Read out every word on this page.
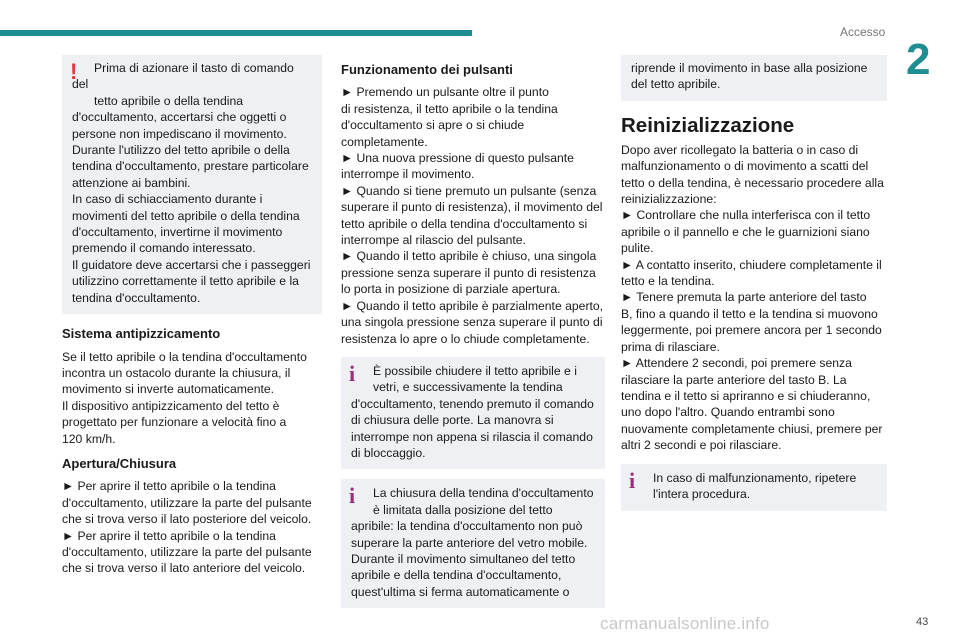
Accesso
2
!	Prima di azionare il tasto di comando del

tetto apribile o della tendina

d'occultamento, accertarsi che oggetti o

persone non impediscano il movimento.

Durante l'utilizzo del tetto apribile o della

tendina d'occultamento, prestare particolare

attenzione ai bambini.

In caso di schiacciamento durante i

movimenti del tetto apribile o della tendina

d'occultamento, invertirne il movimento

premendo il comando interessato.

Il guidatore deve accertarsi che i passeggeri

utilizzino correttamente il tetto apribile e la

tendina d'occultamento.

Sistema antipizzicamento

Se il tetto apribile o la tendina d'occultamento

incontra un ostacolo durante la chiusura, il

movimento si inverte automaticamente.

Il dispositivo antipizzicamento del tetto è

progettato per funzionare a velocità fino a

120 km/h.

Apertura/Chiusura

► Per aprire il tetto apribile o la tendina

d'occultamento, utilizzare la parte del pulsante

che si trova verso il lato posteriore del veicolo.

► Per aprire il tetto apribile o la tendina

d'occultamento, utilizzare la parte del pulsante

che si trova verso il lato anteriore del veicolo.

Funzionamento dei pulsanti

► Premendo un pulsante oltre il punto

di resistenza, il tetto apribile o la tendina

d'occultamento si apre o si chiude

completamente.

► Una nuova pressione di questo pulsante

interrompe il movimento.

► Quando si tiene premuto un pulsante (senza

superare il punto di resistenza), il movimento del

tetto apribile o della tendina d'occultamento si

interrompe al rilascio del pulsante.

► Quando il tetto apribile è chiuso, una singola

pressione senza superare il punto di resistenza

lo porta in posizione di parziale apertura.

► Quando il tetto apribile è parzialmente aperto,

una singola pressione senza superare il punto di

resistenza lo apre o lo chiude completamente.

i	È possibile chiudere il tetto apribile e i

vetri, e successivamente la tendina

d'occultamento, tenendo premuto il comando

di chiusura delle porte. La manovra si

interrompe non appena si rilascia il comando

di bloccaggio.

i	La chiusura della tendina d'occultamento

è limitata dalla posizione del tetto

apribile: la tendina d'occultamento non può

superare la parte anteriore del vetro mobile.

Durante il movimento simultaneo del tetto

apribile e della tendina d'occultamento,

quest'ultima si ferma automaticamente o

riprende il movimento in base alla posizione

del tetto apribile.

Reinizializzazione

Dopo aver ricollegato la batteria o in caso di

malfunzionamento o di movimento a scatti del

tetto o della tendina, è necessario procedere alla

reinizializzazione:

► Controllare che nulla interferisca con il tetto

apribile o il pannello e che le guarnizioni siano

pulite.

► A contatto inserito, chiudere completamente il

tetto e la tendina.

► Tenere premuta la parte anteriore del tasto

B, fino a quando il tetto e la tendina si muovono

leggermente, poi premere ancora per 1 secondo

prima di rilasciare.

► Attendere 2 secondi, poi premere senza

rilasciare la parte anteriore del tasto B. La

tendina e il tetto si apriranno e si chiuderanno,

uno dopo l'altro. Quando entrambi sono

nuovamente completamente chiusi, premere per

altri 2 secondi e poi rilasciare.

i	In caso di malfunzionamento, ripetere

l'intera procedura.

carmanualsonline.info	43
